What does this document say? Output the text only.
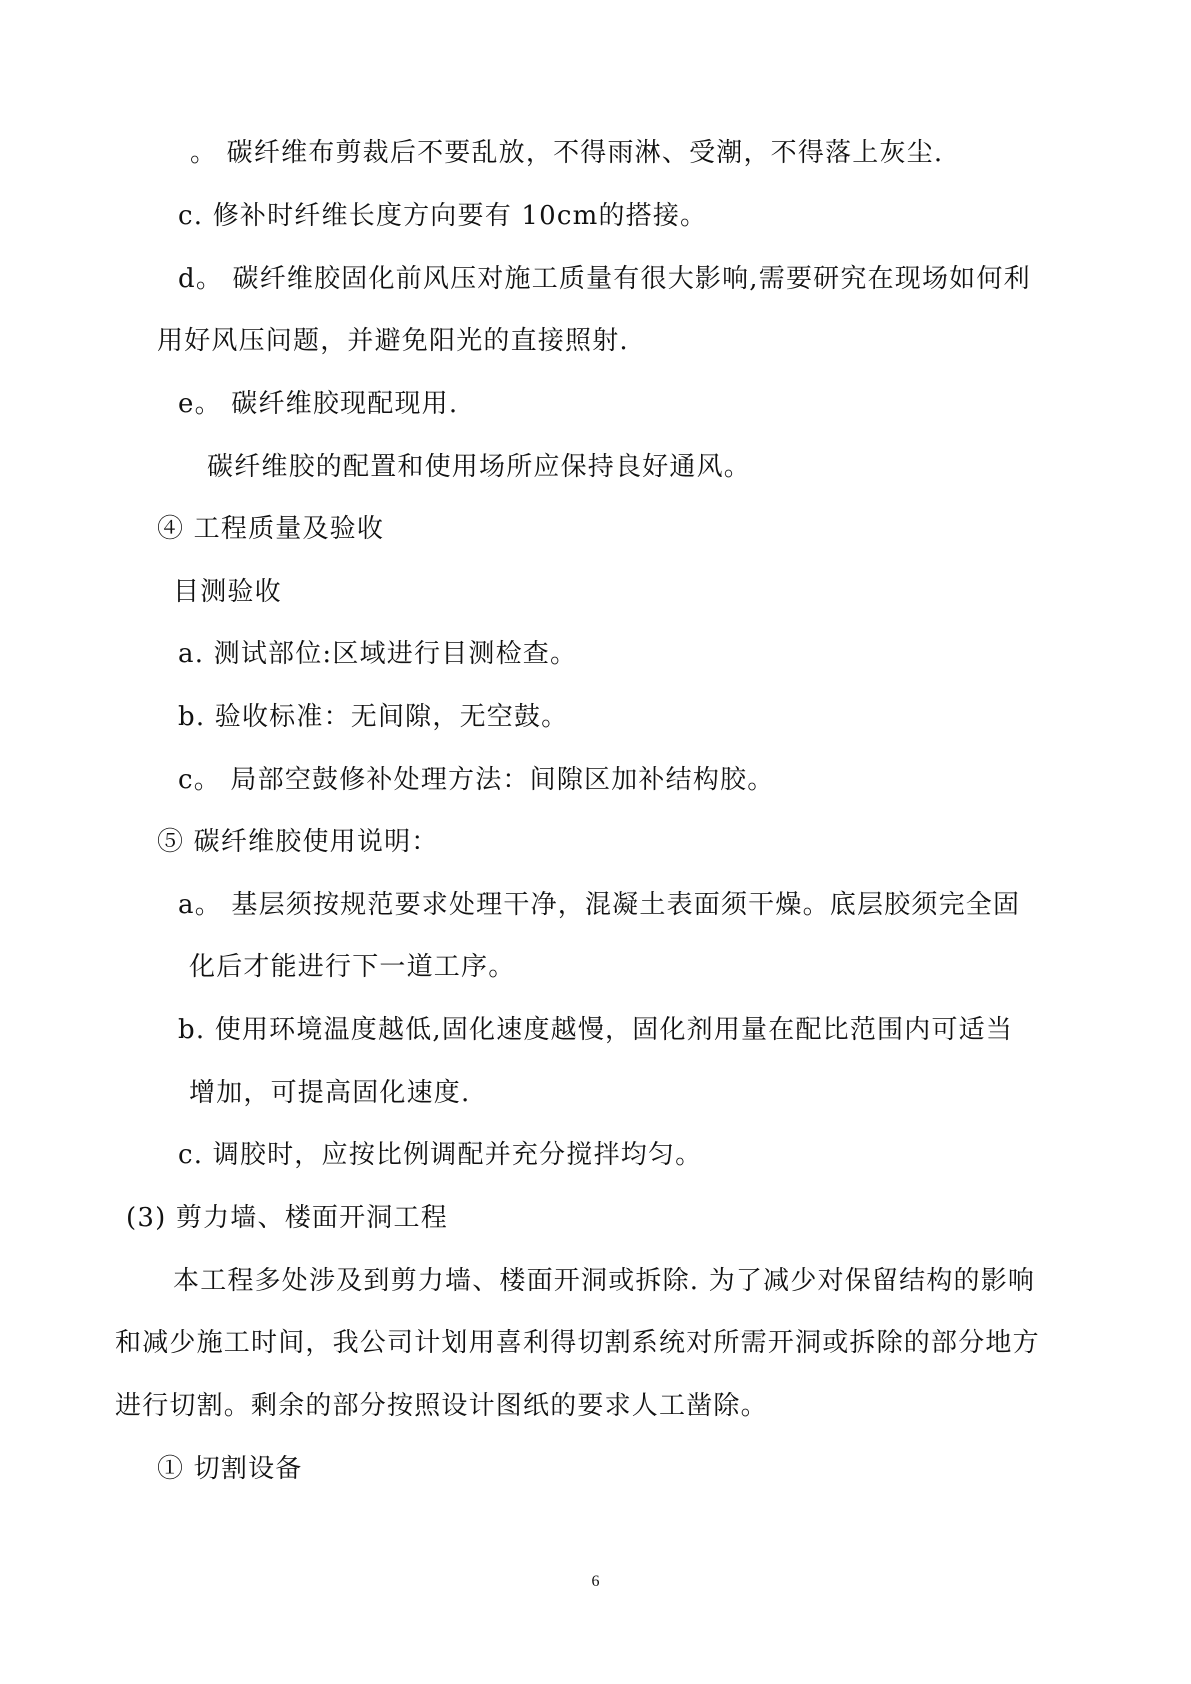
。 碳纤维布剪裁后不要乱放，不得雨淋、受潮，不得落上灰尘.
c. 修补时纤维长度方向要有 10cm的搭接。
d。 碳纤维胶固化前风压对施工质量有很大影响,需要研究在现场如何利
用好风压问题，并避免阳光的直接照射.
e。 碳纤维胶现配现用.
碳纤维胶的配置和使用场所应保持良好通风。
④ 工程质量及验收
目测验收
a. 测试部位:区域进行目测检查。
b. 验收标准：无间隙，无空鼓。
c。 局部空鼓修补处理方法：间隙区加补结构胶。
⑤ 碳纤维胶使用说明：
a。 基层须按规范要求处理干净，混凝土表面须干燥。底层胶须完全固
化后才能进行下一道工序。
b. 使用环境温度越低,固化速度越慢，固化剂用量在配比范围内可适当
增加，可提高固化速度.
c. 调胶时，应按比例调配并充分搅拌均匀。
(3) 剪力墙、楼面开洞工程
本工程多处涉及到剪力墙、楼面开洞或拆除. 为了减少对保留结构的影响
和减少施工时间，我公司计划用喜利得切割系统对所需开洞或拆除的部分地方
进行切割。剩余的部分按照设计图纸的要求人工凿除。
① 切割设备
6
